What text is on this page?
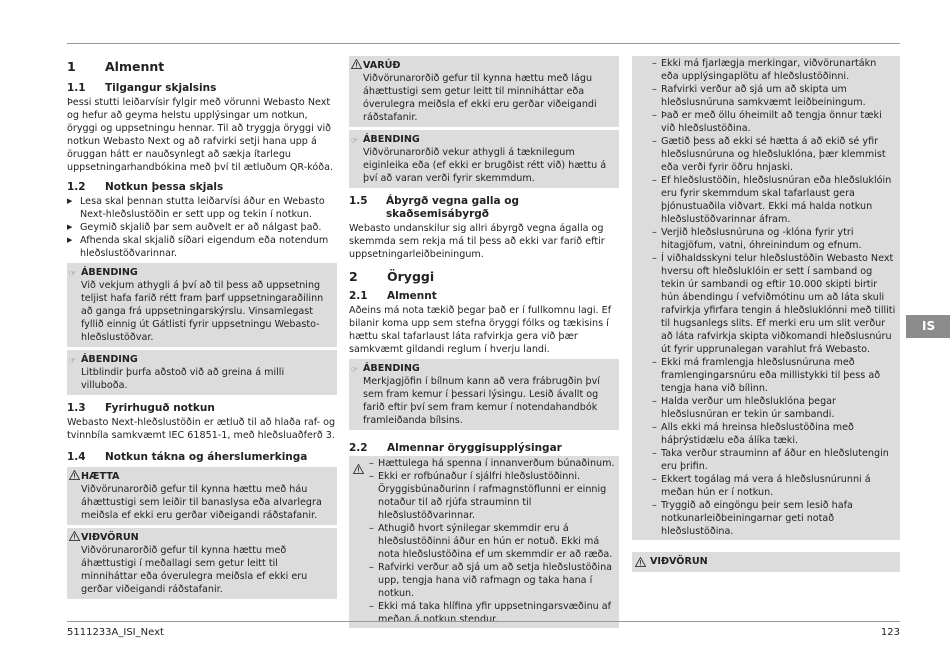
1	Almennt
1.1	Tilgangur skjalsins

Þessi stutti leiðarvísir fylgir með vörunni Webasto Next og hefur að geyma helstu upplýsingar um notkun, öryggi og uppsetningu hennar. Til að tryggja öryggi við notkun Webasto Next og að rafvirki setji hana upp á öruggan hátt er nauðsynlegt að sækja ítarlegu uppsetningarhandbókina með því til ætluðum QR-kóða.

1.2	Notkun þessa skjals
▶ Lesa skal þennan stutta leiðarvísi áður en Webasto Next-hleðslustöðin er sett upp og tekin í notkun.
▶ Geymið skjalið þar sem auðvelt er að nálgast það.
▶ Afhenda skal skjalið síðari eigendum eða notendum hleðslustöðvarinnar.
☞ ÁBENDING

Við vekjum athygli á því að til þess að uppsetning teljist hafa farið rétt fram þarf uppsetningaraðilinn að ganga frá uppsetningarskýrslu. Vinsamlegast fyllið einnig út Gátlisti fyrir uppsetningu Webasto-hleðslustöðvar.

☞ ÁBENDING

Litblindir þurfa aðstoð við að greina á milli villuboða.

1.3	Fyrirhuguð notkun

Webasto Next-hleðslustöðin er ætluð til að hlaða raf- og tvinnbíla samkvæmt IEC 61851-1, með hleðsluaðferð 3.

1.4	Notkun tákna og áherslumerkinga
HÆTTA

Viðvörunarorðið gefur til kynna hættu með háu áhættustigi sem leiðir til banaslysa eða alvarlegra meiðsla ef ekki eru gerðar viðeigandi ráðstafanir.

VIÐVÖRUN

Viðvörunarorðið gefur til kynna hættu með áhættustigi í meðallagi sem getur leitt til minniháttar eða óverulegra meiðsla ef ekki eru gerðar viðeigandi ráðstafanir.

VARÚÐ

Viðvörunarorðið gefur til kynna hættu með lágu áhættustigi sem getur leitt til minniháttar eða óverulegra meiðsla ef ekki eru gerðar viðeigandi ráðstafanir.

☞ ÁBENDING

Viðvörunarorðið vekur athygli á tæknilegum eiginleika eða (ef ekki er brugðist rétt við) hættu á því að varan verði fyrir skemmdum.

1.5	Ábyrgð vegna galla og skaðsemisábyrgð

Webasto undanskilur sig allri ábyrgð vegna ágalla og skemmda sem rekja má til þess að ekki var farið eftir uppsetningarleiðbeiningum.

2	Öryggi
2.1	Almennt

Aðeins má nota tækið þegar það er í fullkomnu lagi. Ef bilanir koma upp sem stefna öryggi fólks og tækisins í hættu skal tafarlaust láta rafvirkja gera við þær samkvæmt gildandi reglum í hverju landi.

☞ ÁBENDING

Merkjagjöfin í bílnum kann að vera frábrugðin því sem fram kemur í þessari lýsingu. Lesið ávallt og farið eftir því sem fram kemur í notendahandbók framleiðanda bílsins.

2.2	Almennar öryggisupplýsingar
– Hættulega há spenna í innanverðum búnaðinum.
– Ekki er rofbúnaður í sjálfri hleðslustöðinni. Öryggisbúnaðurinn í rafmagnstöflunni er einnig notaður til að rjúfa strauminn til hleðslustöðvarinnar.
– Athugið hvort sýnilegar skemmdir eru á hleðslustöðinni áður en hún er notuð. Ekki má nota hleðslustöðina ef um skemmdir er að ræða.
– Rafvirki verður að sjá um að setja hleðslustöðina upp, tengja hana við rafmagn og taka hana í notkun.
– Ekki má taka hlífina yfir uppsetningarsvæðinu af meðan á notkun stendur.
– Ekki má fjarlægja merkingar, viðvörunartákn eða upplýsingaplötu af hleðslustöðinni.
– Rafvirki verður að sjá um að skipta um hleðslusnúruna samkvæmt leiðbeiningum.
– Það er með öllu óheimilt að tengja önnur tæki við hleðslustöðina.
– Gætið þess að ekki sé hætta á að ekið sé yfir hleðslusnúruna og hleðsluklóna, þær klemmist eða verði fyrir öðru hnjaski.
– Ef hleðslustöðin, hleðslusnúran eða hleðsluklóin eru fyrir skemmdum skal tafarlaust gera þjónustuaðila viðvart. Ekki má halda notkun hleðslustöðvarinnar áfram.
– Verjið hleðslusnúruna og -klóna fyrir ytri hitagjöfum, vatni, óhreinindum og efnum.
– Í viðhaldsskyni telur hleðslustöðin Webasto Next hversu oft hleðsluklóin er sett í samband og tekin úr sambandi og eftir 10.000 skipti birtir hún ábendingu í vefviðmótinu um að láta skuli rafvirkja yfirfara tengin á hleðsluklónni með tilliti til hugsanlegs slits. Ef merki eru um slit verður að láta rafvirkja skipta viðkomandi hleðslusnúru út fyrir upprunalegan varahlut frá Webasto.
– Ekki má framlengja hleðslusnúruna með framlengingarsnúru eða millistykki til þess að tengja hana við bílinn.
– Halda verður um hleðsluklóna þegar hleðslusnúran er tekin úr sambandi.
– Alls ekki má hreinsa hleðslustöðina með háþrýstidælu eða álíka tæki.
– Taka verður strauminn af áður en hleðslutengin eru þrifin.
– Ekkert togálag má vera á hleðslusnúrunni á meðan hún er í notkun.
– Tryggið að eingöngu þeir sem lesið hafa notkunarleiðbeiningarnar geti notað hleðslustöðina.
VIÐVÖRUN
IS
5111233A_ISI_Next	123
